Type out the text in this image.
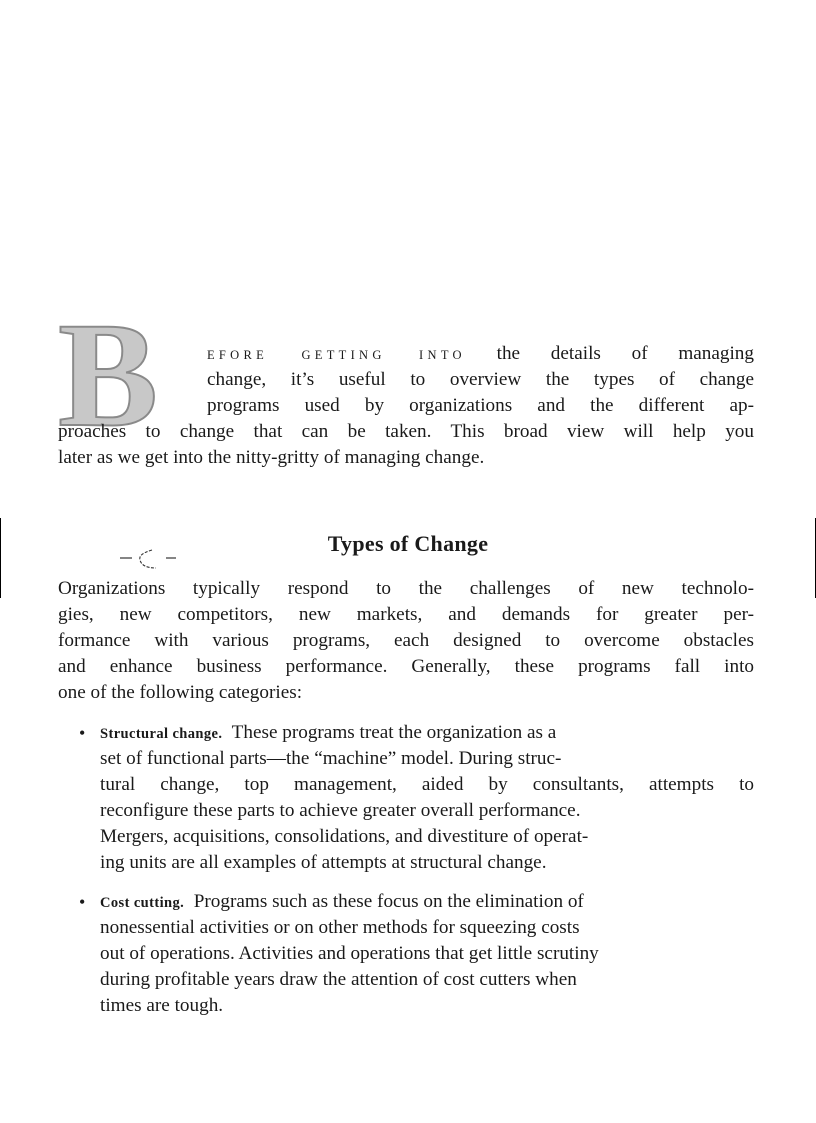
B	EFORE GETTING INTO the details of managing
change, it’s useful to overview the types of change
programs used by organizations and the different ap-
proaches to change that can be taken. This broad view will help you
later as we get into the nitty-gritty of managing change.
Types of Change
Organizations typically respond to the challenges of new technolo-
gies, new competitors, new markets, and demands for greater per-
formance with various programs, each designed to overcome obstacles
and enhance business performance. Generally, these programs fall into
one of the following categories:
• Structural change. These programs treat the organization as a
set of functional parts—the “machine” model. During struc-
tural change, top management, aided by consultants, attempts to
reconfigure these parts to achieve greater overall performance.
Mergers, acquisitions, consolidations, and divestiture of operat-
ing units are all examples of attempts at structural change.
• Cost cutting. Programs such as these focus on the elimination of
nonessential activities or on other methods for squeezing costs
out of operations. Activities and operations that get little scrutiny
during profitable years draw the attention of cost cutters when
times are tough.
